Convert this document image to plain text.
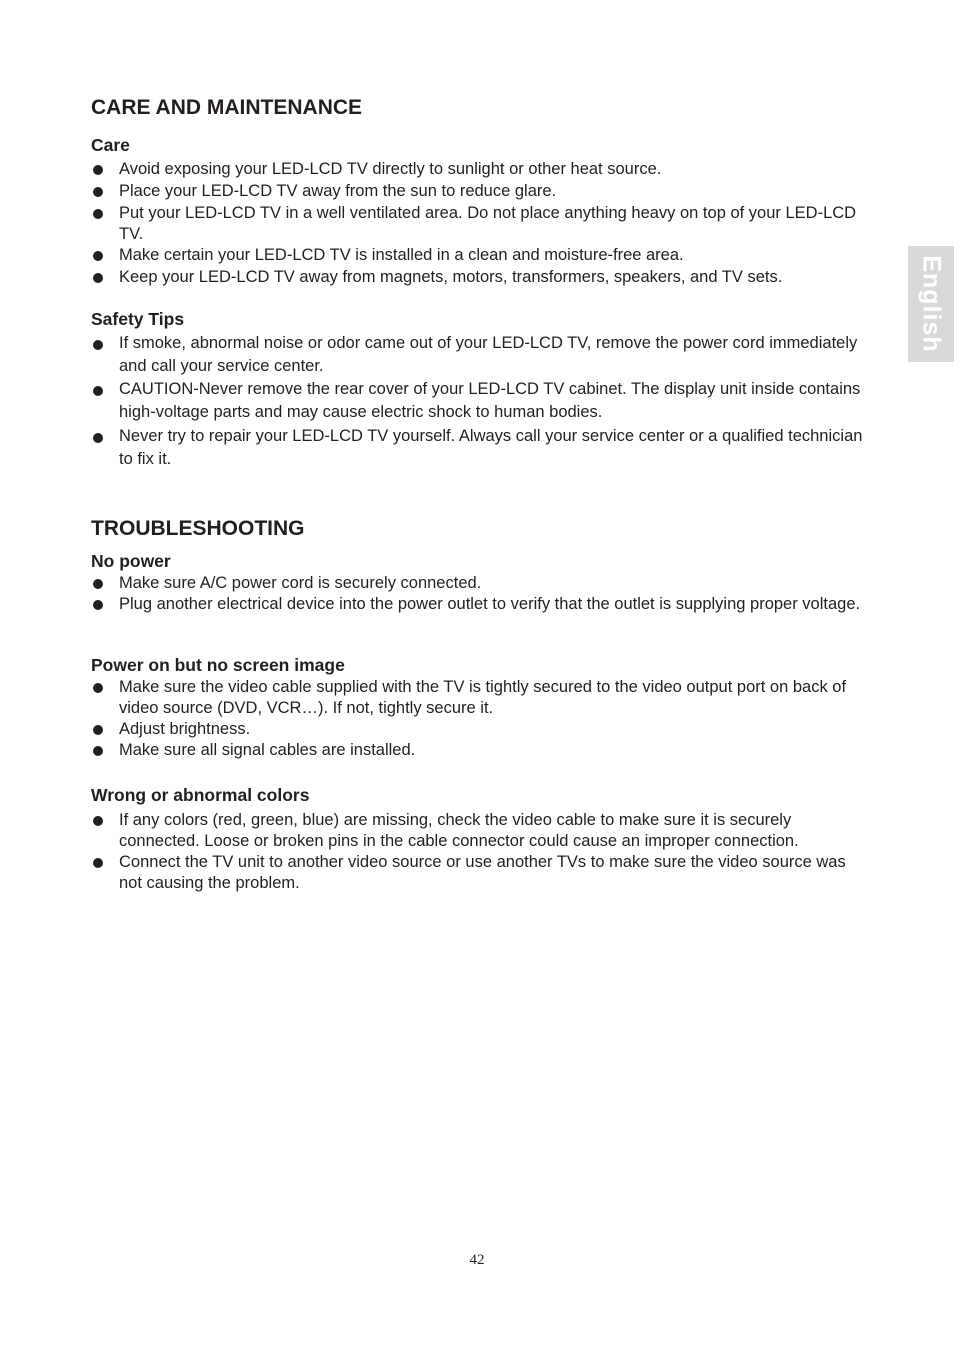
English
CARE AND MAINTENANCE
Care
Avoid exposing your LED-LCD TV directly to sunlight or other heat source.
Place your LED-LCD TV away from the sun to reduce glare.
Put your LED-LCD TV in a well ventilated area. Do not place anything heavy on top of your LED-LCD TV.
Make certain your LED-LCD TV is installed in a clean and moisture-free area.
Keep your LED-LCD TV away from magnets, motors, transformers, speakers, and TV sets.
Safety Tips
If smoke, abnormal noise or odor came out of your LED-LCD TV, remove the power cord immediately and call your service center.
CAUTION-Never remove the rear cover of your LED-LCD TV cabinet. The display unit inside contains high-voltage parts and may cause electric shock to human bodies.
Never try to repair your LED-LCD TV yourself. Always call your service center or a qualified technician to fix it.
TROUBLESHOOTING
No power
Make sure A/C power cord is securely connected.
Plug another electrical device into the power outlet to verify that the outlet is supplying proper voltage.
Power on but no screen image
Make sure the video cable supplied with the TV is tightly secured to the video output port on back of video source (DVD, VCR…). If not, tightly secure it.
Adjust brightness.
Make sure all signal cables are installed.
Wrong or abnormal colors
If any colors (red, green, blue) are missing, check the video cable to make sure it is securely connected. Loose or broken pins in the cable connector could cause an improper connection.
Connect the TV unit to another video source or use another TVs to make sure the video source was not causing the problem.
42
